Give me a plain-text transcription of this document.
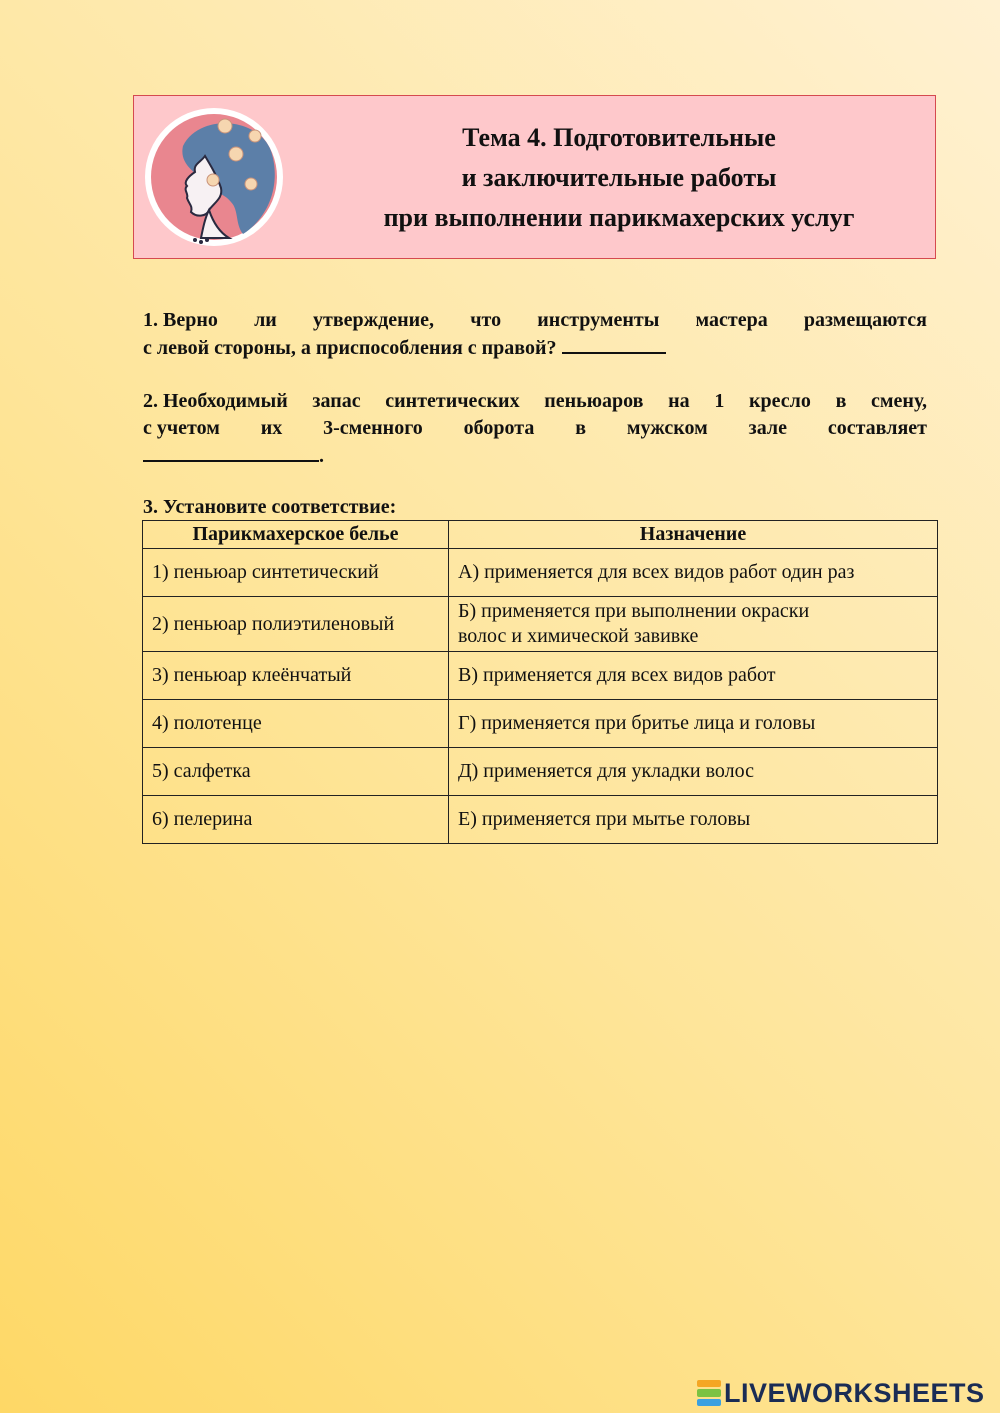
Тема 4. Подготовительные
и заключительные работы
при выполнении парикмахерских услуг
1. Верно ли утверждение, что инструменты мастера размещаются
с левой стороны, а приспособления с правой?
2. Необходимый запас синтетических пеньюаров на 1 кресло в смену,
с учетом их 3-сменного оборота в мужском зале составляет
.
3. Установите соответствие:
Парикмахерское белье	Назначение
1) пеньюар синтетический	А) применяется для всех видов работ один раз
2) пеньюар полиэтиленовый	Б) применяется при выполнении окраски
волос и химической завивке

3) пеньюар клеёнчатый	В) применяется для всех видов работ
4) полотенце	Г) применяется при бритье лица и головы
5) салфетка	Д) применяется для укладки волос
6) пелерина	Е) применяется при мытье головы
LIVEWORKSHEETS
